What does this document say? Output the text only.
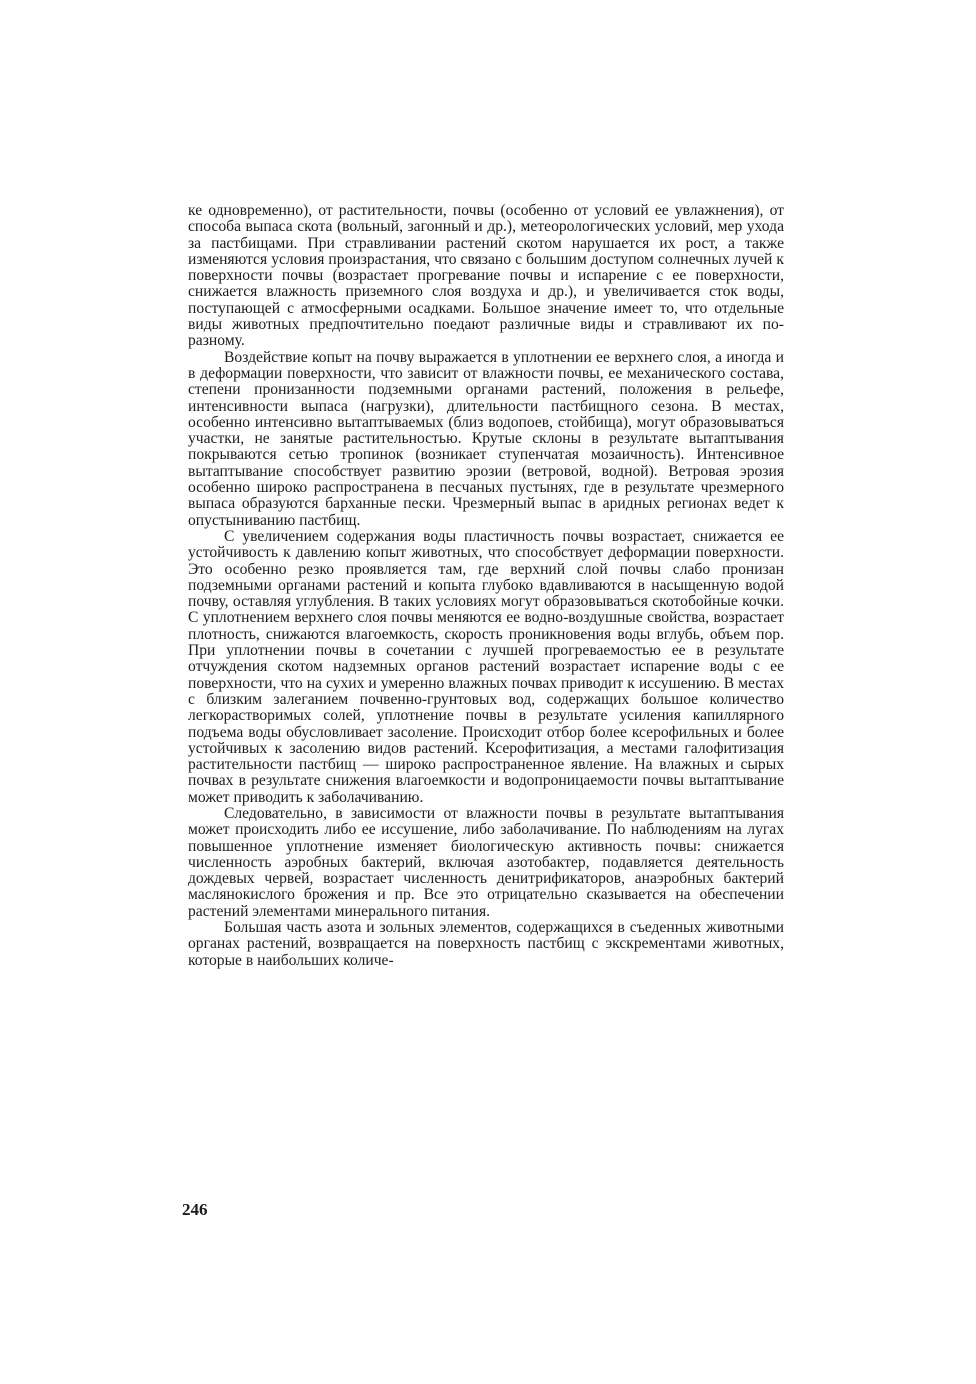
ке одновременно), от растительности, почвы (особенно от условий ее увлажнения), от способа выпаса скота (вольный, загонный и др.), метеорологических условий, мер ухода за пастбищами. При стравливании растений скотом нарушается их рост, а также изменяются условия произрастания, что связано с большим доступом солнечных лучей к поверхности почвы (возрастает прогревание почвы и испарение с ее поверхности, снижается влажность приземного слоя воздуха и др.), и увеличивается сток воды, поступающей с атмосферными осадками. Большое значение имеет то, что отдельные виды животных предпочтительно поедают различные виды и стравливают их по-разному.

Воздействие копыт на почву выражается в уплотнении ее верхнего слоя, а иногда и в деформации поверхности, что зависит от влажности почвы, ее механического состава, степени пронизанности подземными органами растений, положения в рельефе, интенсивности выпаса (нагрузки), длительности пастбищного сезона. В местах, особенно интенсивно вытаптываемых (близ водопоев, стойбища), могут образовываться участки, не занятые растительностью. Крутые склоны в результате вытаптывания покрываются сетью тропинок (возникает ступенчатая мозаичность). Интенсивное вытаптывание способствует развитию эрозии (ветровой, водной). Ветровая эрозия особенно широко распространена в песчаных пустынях, где в результате чрезмерного выпаса образуются барханные пески. Чрезмерный выпас в аридных регионах ведет к опустыниванию пастбищ.

С увеличением содержания воды пластичность почвы возрастает, снижается ее устойчивость к давлению копыт животных, что способствует деформации поверхности. Это особенно резко проявляется там, где верхний слой почвы слабо пронизан подземными органами растений и копыта глубоко вдавливаются в насыщенную водой почву, оставляя углубления. В таких условиях могут образовываться скотобойные кочки. С уплотнением верхнего слоя почвы меняются ее водно-воздушные свойства, возрастает плотность, снижаются влагоемкость, скорость проникновения воды вглубь, объем пор. При уплотнении почвы в сочетании с лучшей прогреваемостью ее в результате отчуждения скотом надземных органов растений возрастает испарение воды с ее поверхности, что на сухих и умеренно влажных почвах приводит к иссушению. В местах с близким залеганием почвенно-грунтовых вод, содержащих большое количество легкорастворимых солей, уплотнение почвы в результате усиления капиллярного подъема воды обусловливает засоление. Происходит отбор более ксерофильных и более устойчивых к засолению видов растений. Ксерофитизация, а местами галофитизация растительности пастбищ — широко распространенное явление. На влажных и сырых почвах в результате снижения влагоемкости и водопроницаемости почвы вытаптывание может приводить к заболачиванию.

Следовательно, в зависимости от влажности почвы в результате вытаптывания может происходить либо ее иссушение, либо заболачивание. По наблюдениям на лугах повышенное уплотнение изменяет биологическую активность почвы: снижается численность аэробных бактерий, включая азотобактер, подавляется деятельность дождевых червей, возрастает численность денитрификаторов, анаэробных бактерий маслянокислого брожения и пр. Все это отрицательно сказывается на обеспечении растений элементами минерального питания.

Большая часть азота и зольных элементов, содержащихся в съеденных животными органах растений, возвращается на поверхность пастбищ с экскрементами животных, которые в наибольших количе-

246
